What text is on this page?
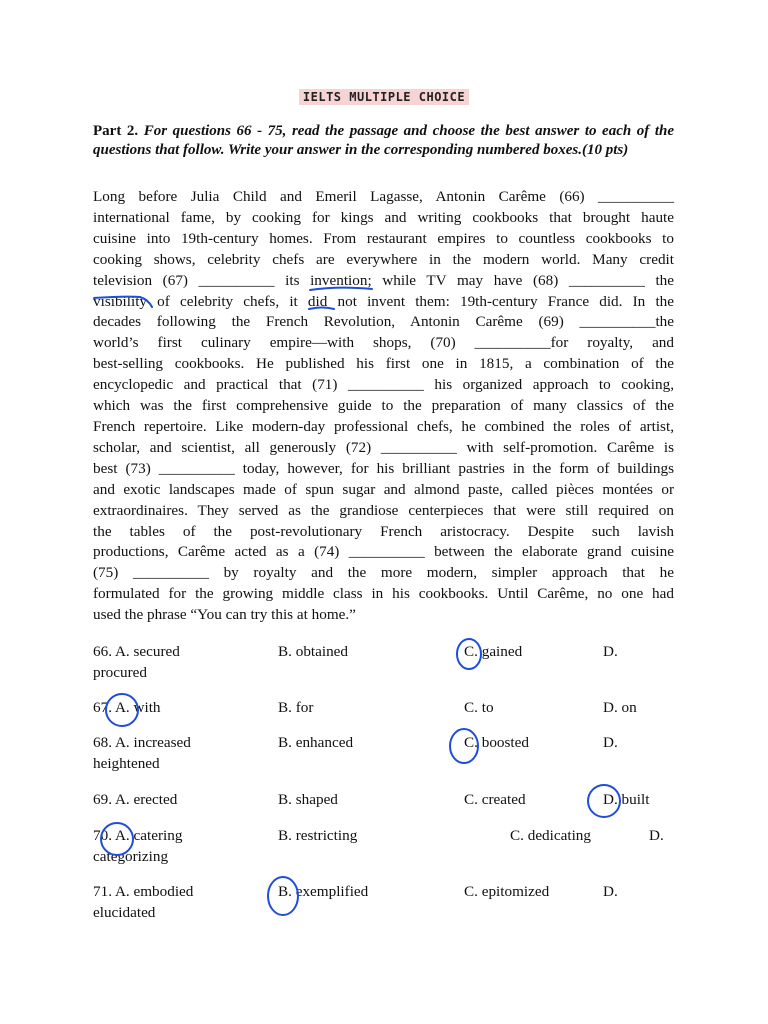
IELTS MULTIPLE CHOICE
Part 2. For questions 66 - 75, read the passage and choose the best answer to each of the questions that follow. Write your answer in the corresponding numbered boxes.(10 pts)
Long before Julia Child and Emeril Lagasse, Antonin Carême (66) __________
international fame, by cooking for kings and writing cookbooks that brought haute
cuisine into 19th-century homes. From restaurant empires to countless cookbooks to
cooking shows, celebrity chefs are everywhere in the modern world. Many credit
television (67) __________ its invention; while TV may have (68) __________ the
visibility of celebrity chefs, it did not invent them: 19th-century France did. In the
decades following the French Revolution, Antonin Carême (69) __________the
world’s first culinary empire—with shops, (70) __________for royalty, and
best-selling cookbooks. He published his first one in 1815, a combination of the
encyclopedic and practical that (71) __________ his organized approach to cooking,
which was the first comprehensive guide to the preparation of many classics of the
French repertoire. Like modern-day professional chefs, he combined the roles of artist,
scholar, and scientist, all generously (72) __________ with self-promotion. Carême is
best (73) __________ today, however, for his brilliant pastries in the form of buildings
and exotic landscapes made of spun sugar and almond paste, called pièces montées or
extraordinaires. They served as the grandiose centerpieces that were still required on
the tables of the post-revolutionary French aristocracy. Despite such lavish
productions, Carême acted as a (74) __________ between the elaborate grand cuisine
(75) __________ by royalty and the more modern, simpler approach that he
formulated for the growing middle class in his cookbooks. Until Carême, no one had
used the phrase “You can try this at home.”
66. A. secured	B. obtained	C. gained	D.
procured
67. A. with	B. for	C. to	D. on
68. A. increased	B. enhanced	C. boosted	D.
heightened
69. A. erected	B. shaped	C. created	D. built
70. A. catering	B. restricting	C. dedicating	D.
categorizing
71. A. embodied	B. exemplified	C. epitomized	D.
elucidated
